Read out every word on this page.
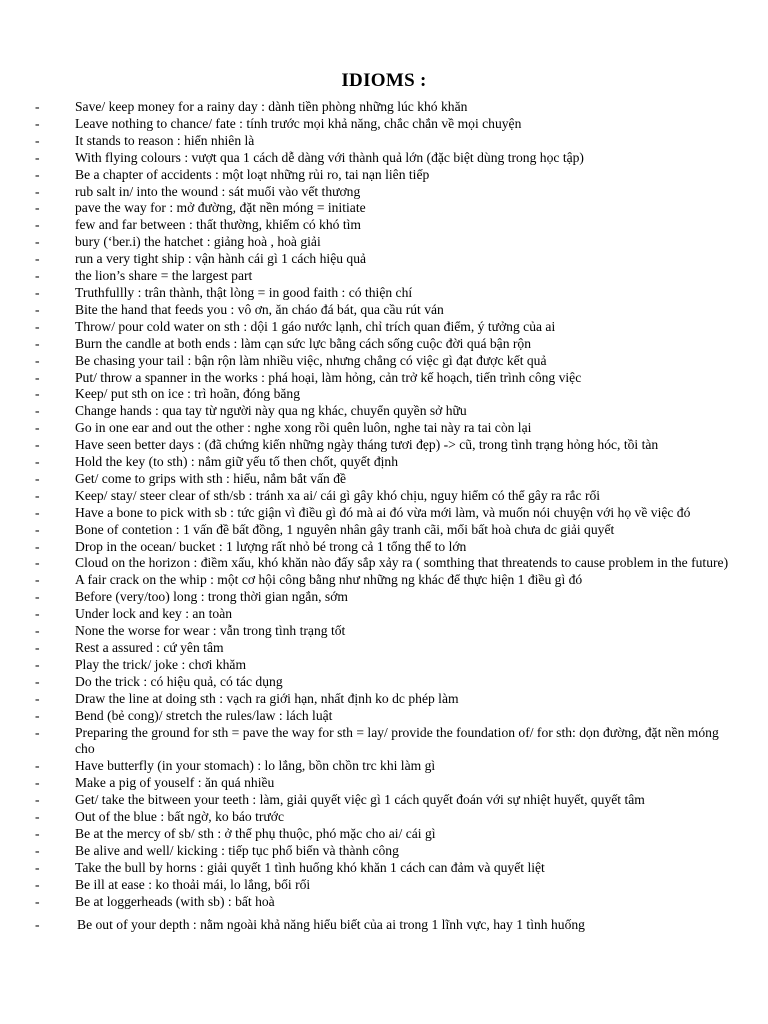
IDIOMS :
-	Save/ keep money for a rainy day : dành tiền phòng những lúc khó khăn
-	Leave nothing to chance/ fate : tính trước mọi khả năng, chắc chắn về mọi chuyện
-	It stands to reason : hiển nhiên là
-	With flying colours : vượt qua 1 cách dễ dàng với thành quả lớn (đặc biệt dùng trong học tập)
-	Be a chapter of accidents : một loạt những rủi ro, tai nạn liên tiếp
-	rub salt in/ into the wound : sát muối vào vết thương
-	pave the way for : mở đường, đặt nền móng = initiate
-	few and far between : thất thường, khiếm có khó tìm
-	bury (‘ber.i) the hatchet : giảng hoà , hoà giải
-	run a very tight ship : vận hành cái gì 1 cách hiệu quả
-	the lion’s share = the largest part
-	Truthfullly : trân thành, thật lòng = in good faith : có thiện chí
-	Bite the hand that feeds you : vô ơn, ăn cháo đá bát, qua cầu rút ván
-	Throw/ pour cold water on sth : dội 1 gáo nước lạnh, chỉ trích quan điểm, ý tưởng của ai
-	Burn the candle at both ends : làm cạn sức lực bằng cách sống cuộc đời quá bận rộn
-	Be chasing your tail : bận rộn làm nhiều việc, nhưng chẳng có việc gì đạt được kết quả
-	Put/ throw a spanner in the works : phá hoại, làm hỏng, cản trở kế hoạch, tiến trình công việc
-	Keep/ put sth on ice : trì hoãn, đóng băng
-	Change hands : qua tay từ người này qua ng khác, chuyển quyền sở hữu
-	Go in one ear and out the other : nghe xong rồi quên luôn, nghe tai này ra tai còn lại
-	Have seen better days : (đã chứng kiến những ngày tháng tươi đẹp) -> cũ, trong tình trạng hỏng hóc, tồi tàn
-	Hold the key (to sth) : nắm giữ yếu tố then chốt, quyết định
-	Get/ come to grips with sth : hiểu, nắm bắt vấn đề
-	Keep/ stay/ steer clear of sth/sb : tránh xa ai/ cái gì gây khó chịu, nguy hiểm có thể gây ra rắc rối
-	Have a bone to pick with sb : tức giận vì điều gì đó mà ai đó vừa mới làm, và muốn nói chuyện với họ về việc đó
-	Bone of contetion : 1 vấn đề bất đồng, 1 nguyên nhân gây tranh cãi, mối bất hoà chưa dc giải quyết
-	Drop in the ocean/ bucket : 1 lượng rất nhỏ bé trong cả 1 tổng thể to lớn
-	Cloud on the horizon : điềm xấu, khó khăn nào đấy sắp xảy ra ( somthing that threatends to cause problem in the future)
-	A fair crack on the whip : một cơ hội công bằng như những ng khác để thực hiện 1 điều gì đó
-	Before (very/too) long : trong thời gian ngắn, sớm
-	Under lock and key : an toàn
-	None the worse for wear : vẫn trong tình trạng tốt
-	Rest a assured : cứ yên tâm
-	Play the trick/ joke : chơi khăm
-	Do the trick : có hiệu quả, có tác dụng
-	Draw the line at doing sth : vạch ra giới hạn, nhất định ko dc phép làm
-	Bend (bẻ cong)/ stretch the rules/law : lách luật
-	Preparing the ground for sth = pave the way for sth = lay/ provide the foundation of/ for sth: dọn đường, đặt nền móng cho
-	Have butterfly (in your stomach) : lo lắng, bồn chồn trc khi làm gì
-	Make a pig of youself : ăn quá nhiều
-	Get/ take the bitween your teeth : làm, giải quyết việc gì 1 cách quyết đoán với sự nhiệt huyết, quyết tâm
-	Out of the blue : bất ngờ, ko báo trước
-	Be at the mercy of sb/ sth : ở thế phụ thuộc, phó mặc cho ai/ cái gì
-	Be alive and well/ kicking : tiếp tục phổ biến và thành công
-	Take the bull by horns : giải quyết 1 tình huống khó khăn 1 cách can đảm và quyết liệt
-	Be ill at ease : ko thoải mái, lo lắng, bối rối
-	Be at loggerheads (with sb) : bất hoà
-	Be out of your depth : nằm ngoài khả năng hiểu biết của ai trong 1 lĩnh vực, hay 1 tình huống
